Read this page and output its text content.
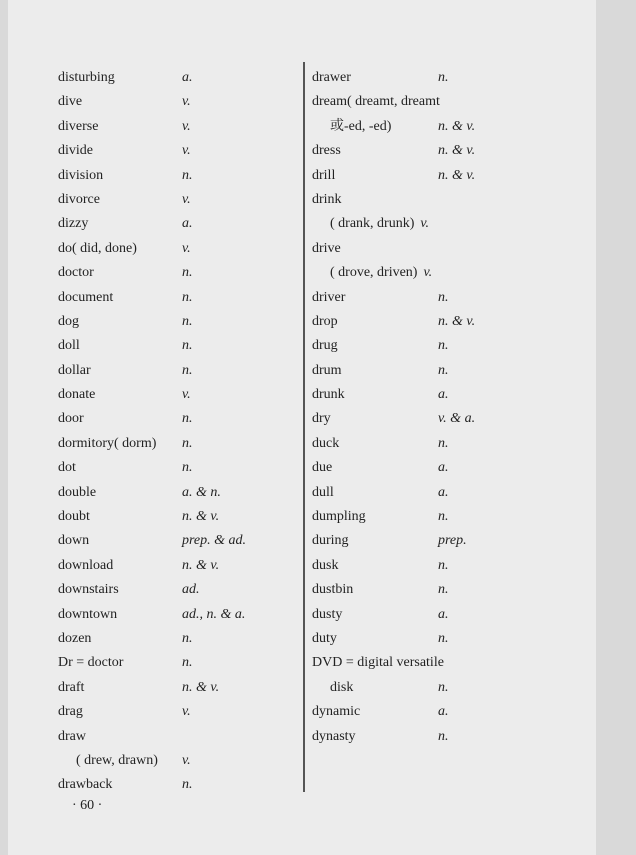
disturbing	a.
dive	v.
diverse	v.
divide	v.
division	n.
divorce	v.
dizzy	a.
do( did, done)	v.
doctor	n.
document	n.
dog	n.
doll	n.
dollar	n.
donate	v.
door	n.
dormitory( dorm) n.
dot	n.
double	a. & n.
doubt	n. & v.
down	prep. & ad.
download	n. & v.
downstairs	ad.
downtown	ad., n. & a.
dozen	n.
Dr = doctor	n.
draft	n. & v.
drag	v.
draw
( drew, drawn) v.
drawback	n.
drawer	n.
dream( dreamt, dreamt
或-ed, -ed)	n. & v.
dress	n. & v.
drill	n. & v.
drink
( drank, drunk) v.
drive
( drove, driven) v.
driver	n.
drop	n. & v.
drug	n.
drum	n.
drunk	a.
dry	v. & a.
duck	n.
due	a.
dull	a.
dumpling	n.
during	prep.
dusk	n.
dustbin	n.
dusty	a.
duty	n.
DVD = digital versatile
disk	n.
dynamic	a.
dynasty	n.
· 60 ·
